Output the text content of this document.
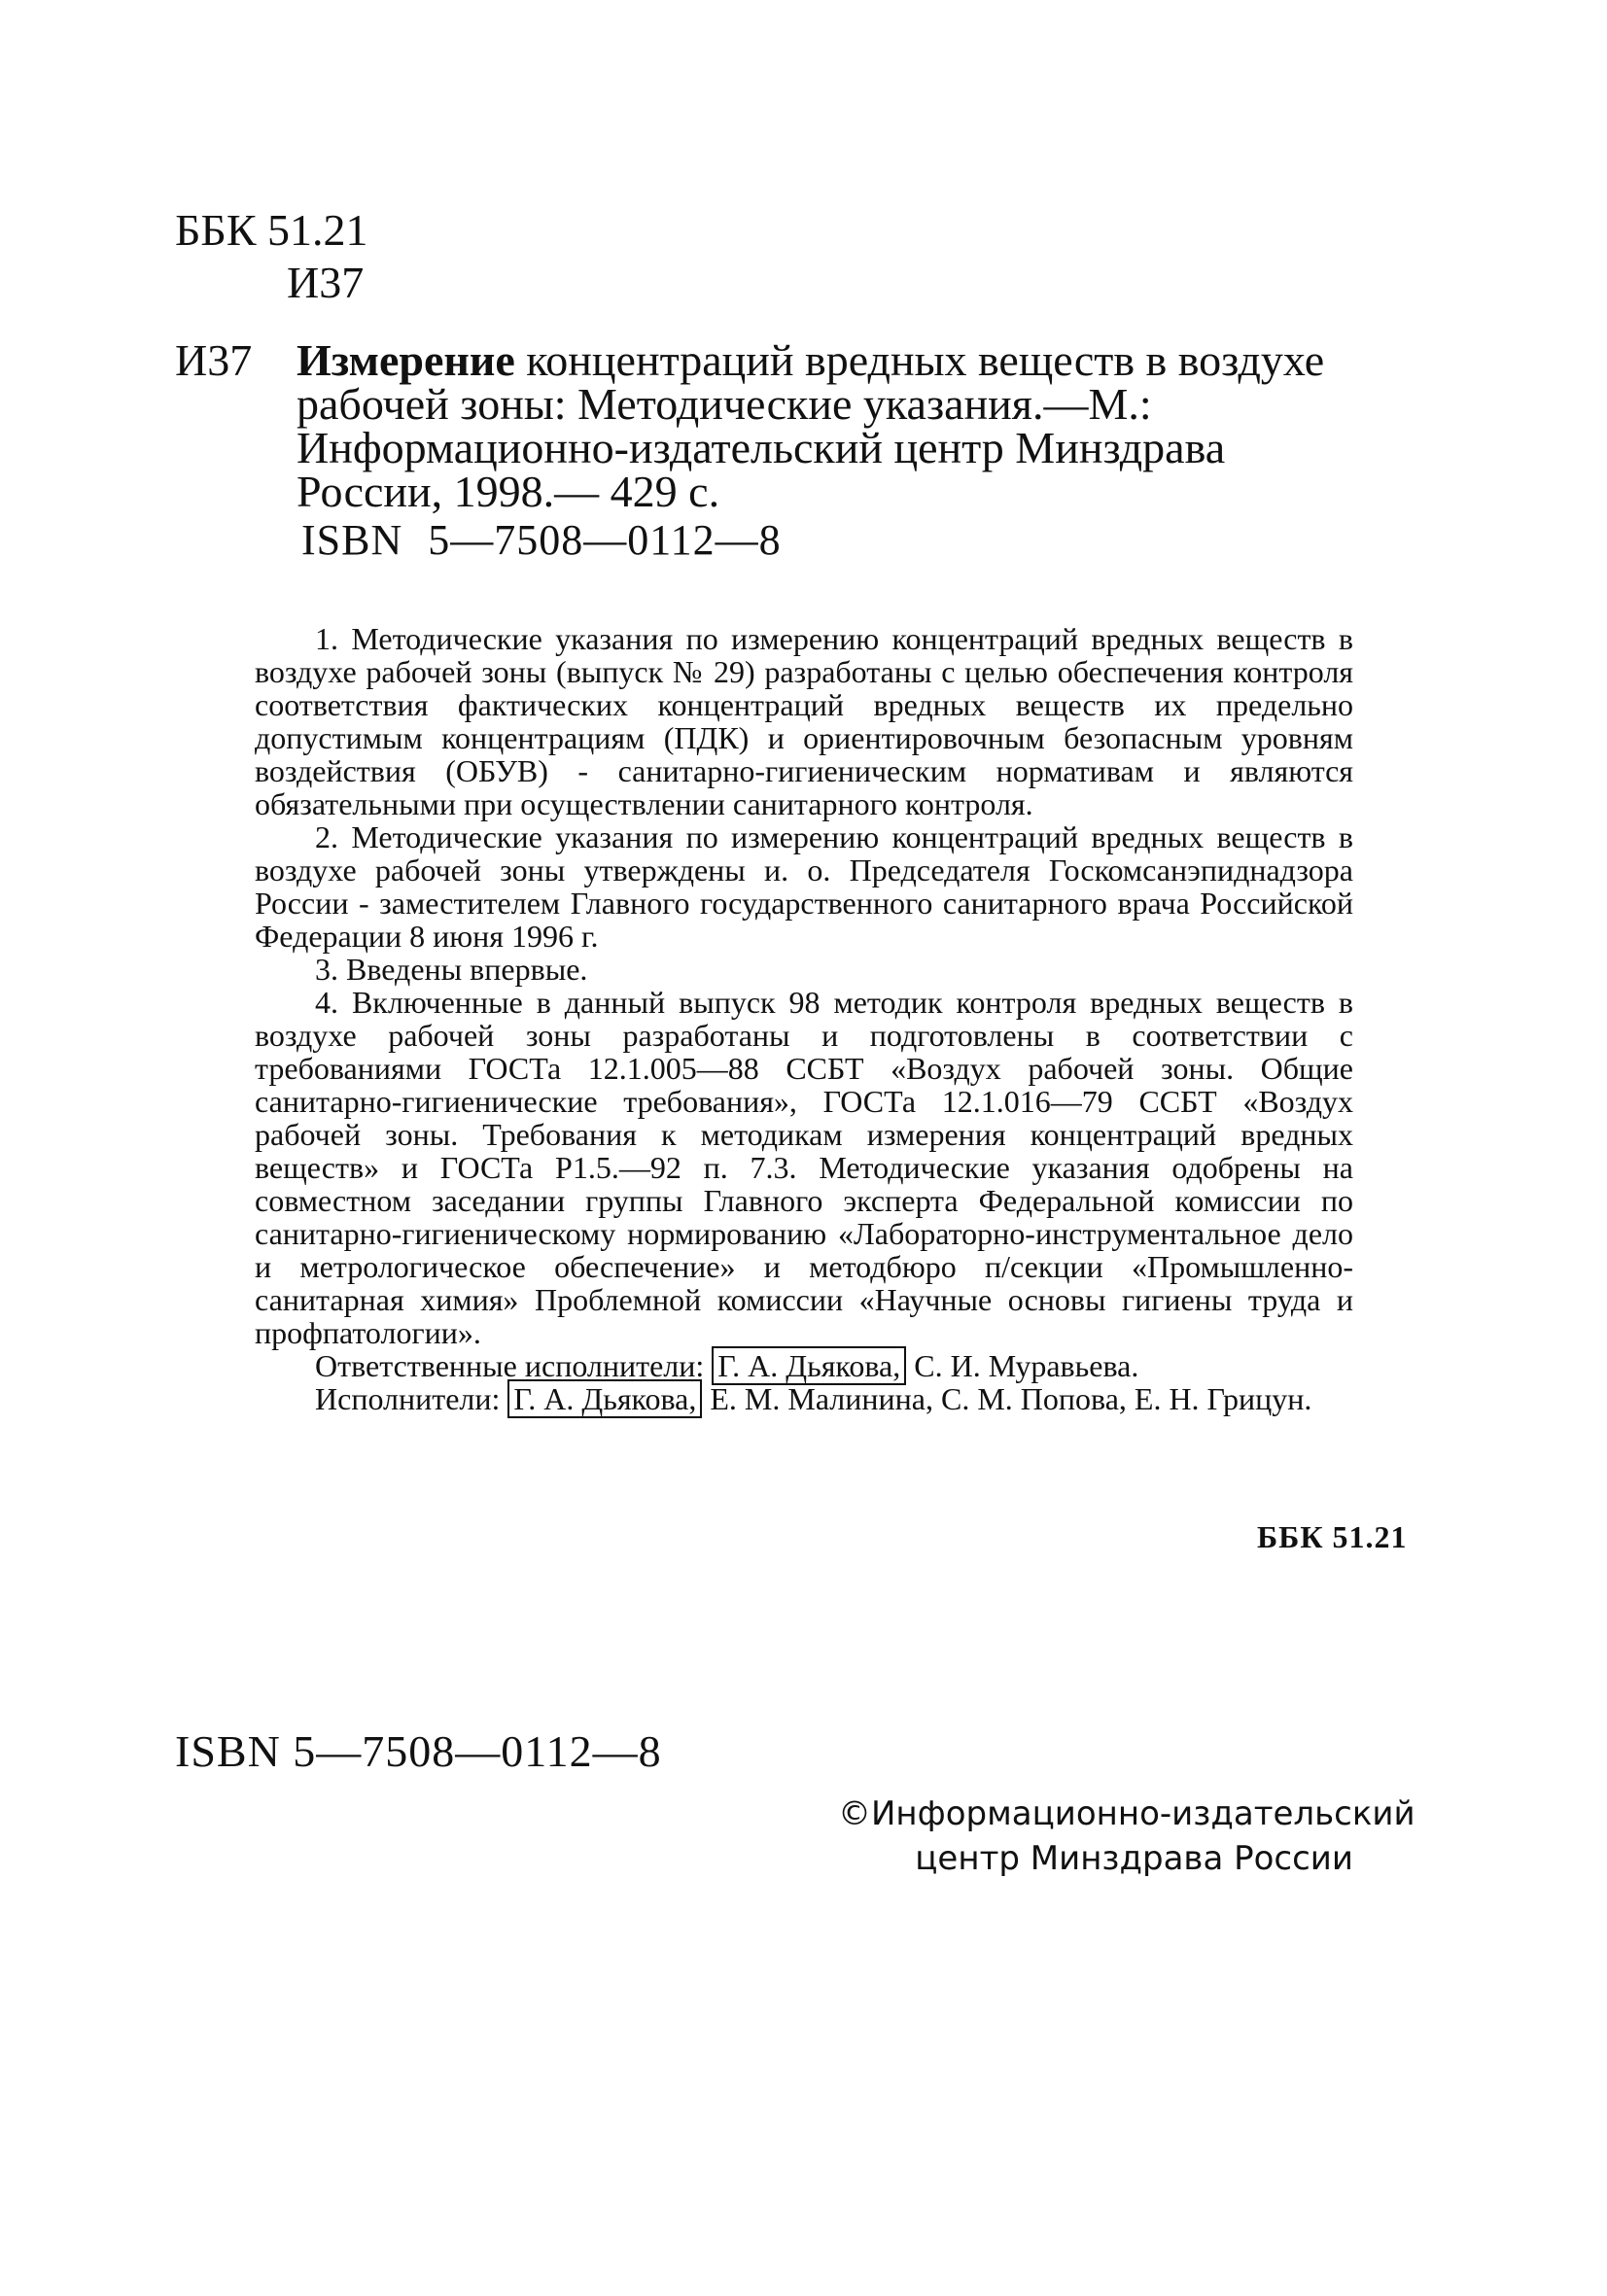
ББК 51.21
И37
И37 Измерение концентраций вредных веществ в воздухе рабочей зоны: Методические указания.—М.: Информационно-издательский центр Минздрава России, 1998.— 429 с.
ISBN 5—7508—0112—8

1. Методические указания по измерению концентраций вредных веществ в воздухе рабочей зоны (выпуск № 29) разработаны с целью обеспечения контроля соответствия фактических концентраций вредных веществ их предельно допустимым концентрациям (ПДК) и ориентировочным безопасным уровням воздействия (ОБУВ) - санитарно-гигиеническим нормативам и являются обязательными при осуществлении санитарного контроля.

2. Методические указания по измерению концентраций вредных веществ в воздухе рабочей зоны утверждены и. о. Председателя Госкомсанэпиднадзора России - заместителем Главного государственного санитарного врача Российской Федерации 8 июня 1996 г.

3. Введены впервые.

4. Включенные в данный выпуск 98 методик контроля вредных веществ в воздухе рабочей зоны разработаны и подготовлены в соответствии с требованиями ГОСТа 12.1.005—88 ССБТ «Воздух рабочей зоны. Общие санитарно-гигиенические требования», ГОСТа 12.1.016—79 ССБТ «Воздух рабочей зоны. Требования к методикам измерения концентраций вредных веществ» и ГОСТа Р1.5.—92 п. 7.3. Методические указания одобрены на совместном заседании группы Главного эксперта Федеральной комиссии по санитарно-гигиеническому нормированию «Лабораторно-инструментальное дело и метрологическое обеспечение» и методбюро п/секции «Промышленно-санитарная химия» Проблемной комиссии «Научные основы гигиены труда и профпатологии».

Ответственные исполнители: Г. А. Дьякова, С. И. Муравьева.

Исполнители: Г. А. Дьякова, Е. М. Малинина, С. М. Попова, Е. Н. Грицун.

ББК 51.21
ISBN 5—7508—0112—8
©Информационно-издательский
центр Минздрава России
